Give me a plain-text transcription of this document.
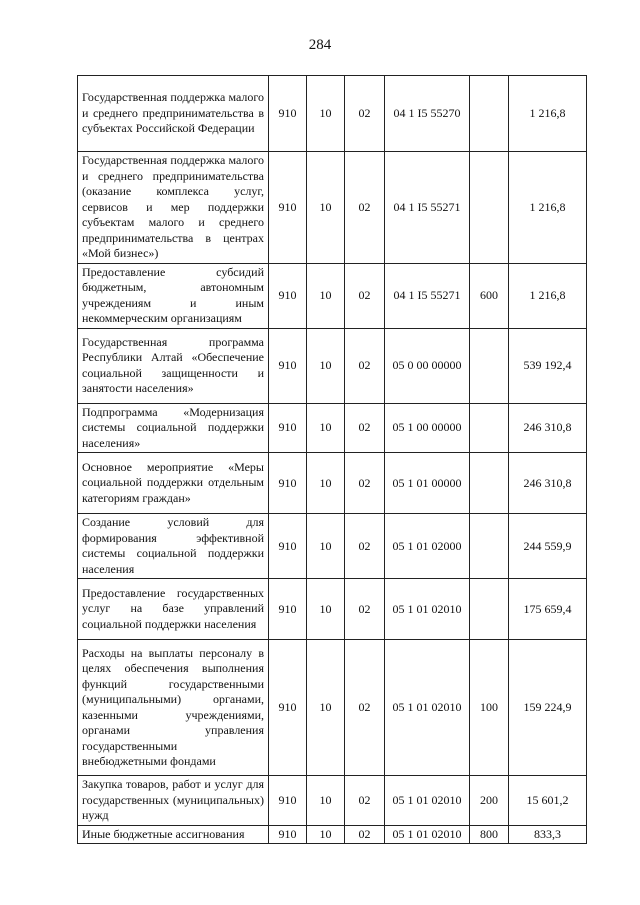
284
Государственная поддержка малого и среднего предпринимательства в субъектах Российской Федерации	910	10	02	04 1 I5 55270		1 216,8
Государственная поддержка малого и среднего предпринимательства (оказание комплекса услуг, сервисов и мер поддержки субъектам малого и среднего предпринимательства в центрах «Мой бизнес»)	910	10	02	04 1 I5 55271		1 216,8
Предоставление субсидий бюджетным, автономным учреждениям и иным некоммерческим организациям	910	10	02	04 1 I5 55271	600	1 216,8
Государственная программа Республики Алтай «Обеспечение социальной защищенности и занятости населения»	910	10	02	05 0 00 00000		539 192,4
Подпрограмма «Модернизация системы социальной поддержки населения»	910	10	02	05 1 00 00000		246 310,8
Основное мероприятие «Меры социальной поддержки отдельным категориям граждан»	910	10	02	05 1 01 00000		246 310,8
Создание условий для формирования эффективной системы социальной поддержки населения	910	10	02	05 1 01 02000		244 559,9
Предоставление государственных услуг на базе управлений социальной поддержки населения	910	10	02	05 1 01 02010		175 659,4
Расходы на выплаты персоналу в целях обеспечения выполнения функций государственными (муниципальными) органами, казенными учреждениями, органами управления государственными внебюджетными фондами	910	10	02	05 1 01 02010	100	159 224,9
Закупка товаров, работ и услуг для государственных (муниципальных) нужд	910	10	02	05 1 01 02010	200	15 601,2
Иные бюджетные ассигнования	910	10	02	05 1 01 02010	800	833,3
